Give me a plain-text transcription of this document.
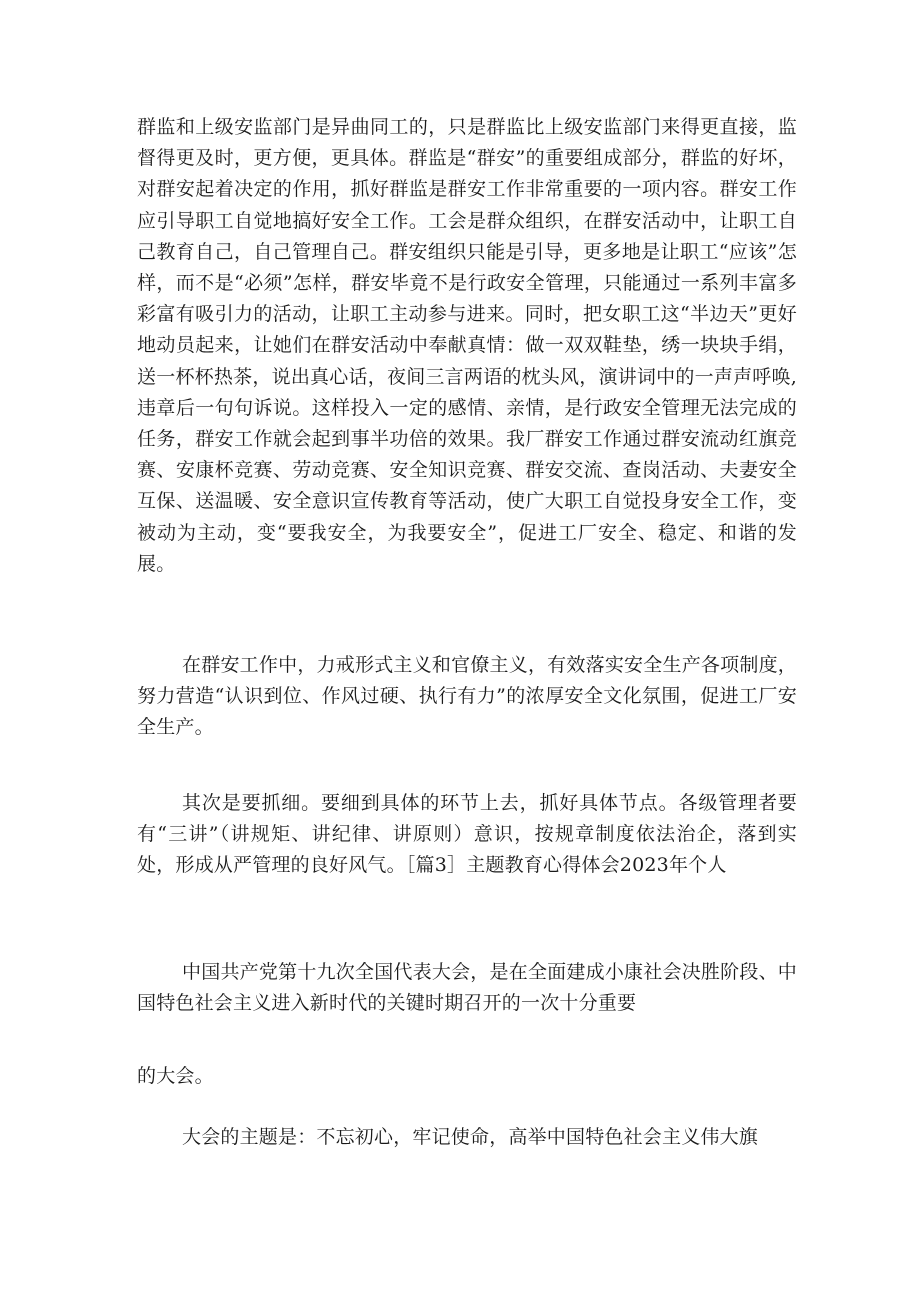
群监和上级安监部门是异曲同工的，只是群监比上级安监部门来得更直接，监督得更及时，更方便，更具体。群监是“群安”的重要组成部分，群监的好坏，对群安起着决定的作用，抓好群监是群安工作非常重要的一项内容。群安工作应引导职工自觉地搞好安全工作。工会是群众组织，在群安活动中，让职工自己教育自己，自己管理自己。群安组织只能是引导，更多地是让职工“应该”怎样，而不是“必须”怎样，群安毕竟不是行政安全管理，只能通过一系列丰富多彩富有吸引力的活动，让职工主动参与进来。同时，把女职工这“半边天”更好地动员起来，让她们在群安活动中奉献真情：做一双双鞋垫，绣一块块手绢，送一杯杯热茶，说出真心话，夜间三言两语的枕头风，演讲词中的一声声呼唤,违章后一句句诉说。这样投入一定的感情、亲情，是行政安全管理无法完成的任务，群安工作就会起到事半功倍的效果。我厂群安工作通过群安流动红旗竞赛、安康杯竞赛、劳动竞赛、安全知识竞赛、群安交流、查岗活动、夫妻安全互保、送温暖、安全意识宣传教育等活动，使广大职工自觉投身安全工作，变被动为主动，变“要我安全，为我要安全”，促进工厂安全、稳定、和谐的发展。

在群安工作中，力戒形式主义和官僚主义，有效落实安全生产各项制度，努力营造“认识到位、作风过硬、执行有力”的浓厚安全文化氛围，促进工厂安全生产。

其次是要抓细。要细到具体的环节上去，抓好具体节点。各级管理者要有“三讲”（讲规矩、讲纪律、讲原则）意识，按规章制度依法治企，落到实处，形成从严管理的良好风气。［篇3］主题教育心得体会2023年个人

中国共产党第十九次全国代表大会，是在全面建成小康社会决胜阶段、中国特色社会主义进入新时代的关键时期召开的一次十分重要

的大会。

大会的主题是：不忘初心，牢记使命，高举中国特色社会主义伟大旗
